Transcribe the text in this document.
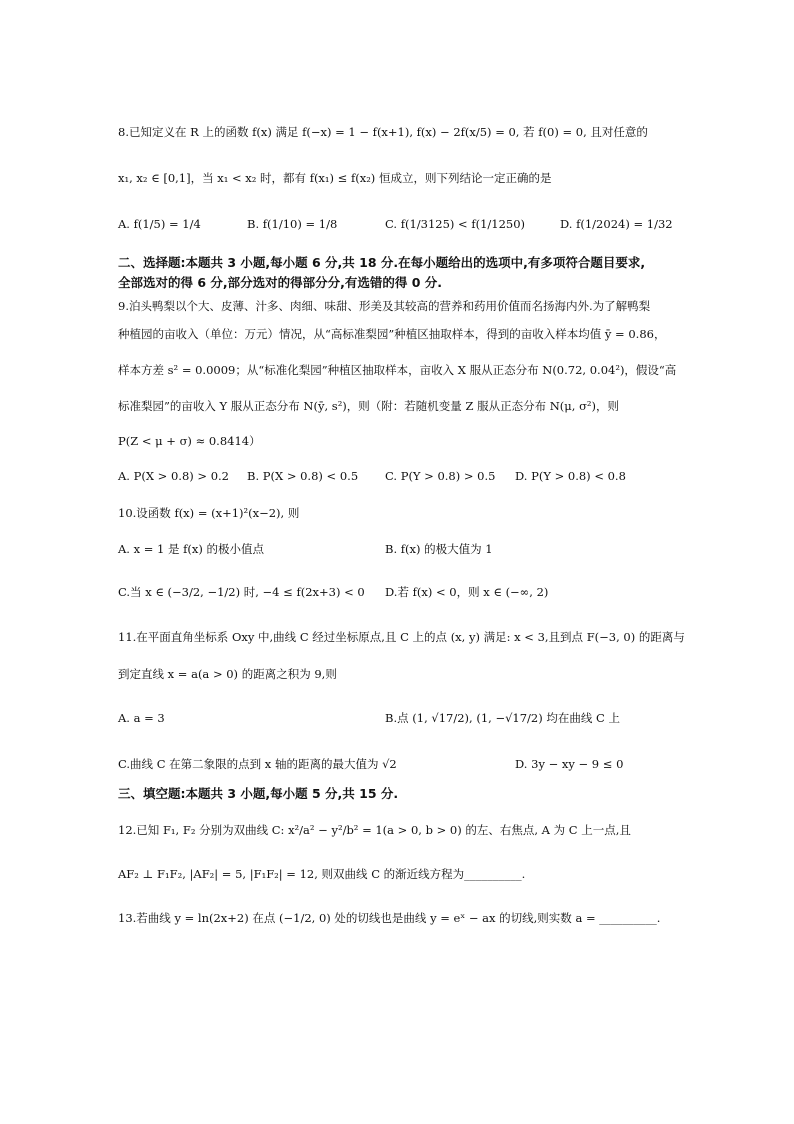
8.已知定义在 R 上的函数 f(x) 满足 f(−x) = 1 − f(x+1), f(x) − 2f(x/5) = 0, 若 f(0) = 0, 且对任意的
x₁, x₂ ∈ [0,1]，当 x₁ < x₂ 时，都有 f(x₁) ≤ f(x₂) 恒成立，则下列结论一定正确的是
A. f(1/5) = 1/4	B. f(1/10) = 1/8	C. f(1/3125) < f(1/1250)	D. f(1/2024) = 1/32
二、选择题:本题共 3 小题,每小题 6 分,共 18 分.在每小题给出的选项中,有多项符合题目要求,
全部选对的得 6 分,部分选对的得部分分,有选错的得 0 分.
9.泊头鸭梨以个大、皮薄、汁多、肉细、味甜、形美及其较高的营养和药用价值而名扬海内外.为了解鸭梨
种植园的亩收入（单位：万元）情况，从“高标准梨园”种植区抽取样本，得到的亩收入样本均值 ȳ = 0.86，
样本方差 s² = 0.0009；从“标准化梨园”种植区抽取样本，亩收入 X 服从正态分布 N(0.72, 0.04²)，假设“高
标准梨园”的亩收入 Y 服从正态分布 N(ȳ, s²)，则（附：若随机变量 Z 服从正态分布 N(μ, σ²)，则
P(Z < μ + σ) ≈ 0.8414）
A. P(X > 0.8) > 0.2 B. P(X > 0.8) < 0.5 C. P(Y > 0.8) > 0.5 D. P(Y > 0.8) < 0.8
10.设函数 f(x) = (x+1)²(x−2), 则
A. x = 1 是 f(x) 的极小值点	B. f(x) 的极大值为 1
C.当 x ∈ (−3/2, −1/2) 时, −4 ≤ f(2x+3) < 0 D.若 f(x) < 0，则 x ∈ (−∞, 2)
11.在平面直角坐标系 Oxy 中,曲线 C 经过坐标原点,且 C 上的点 (x, y) 满足: x < 3,且到点 F(−3, 0) 的距离与
到定直线 x = a(a > 0) 的距离之积为 9,则
A. a = 3	B.点 (1, √17/2), (1, −√17/2) 均在曲线 C 上
C.曲线 C 在第二象限的点到 x 轴的距离的最大值为 √2	D. 3y − xy − 9 ≤ 0
三、填空题:本题共 3 小题,每小题 5 分,共 15 分.
12.已知 F₁, F₂ 分别为双曲线 C: x²/a² − y²/b² = 1(a > 0, b > 0) 的左、右焦点, A 为 C 上一点,且
AF₂ ⊥ F₁F₂, |AF₂| = 5, |F₁F₂| = 12, 则双曲线 C 的渐近线方程为__________.
13.若曲线 y = ln(2x+2) 在点 (−1/2, 0) 处的切线也是曲线 y = eˣ − ax 的切线,则实数 a = __________.
